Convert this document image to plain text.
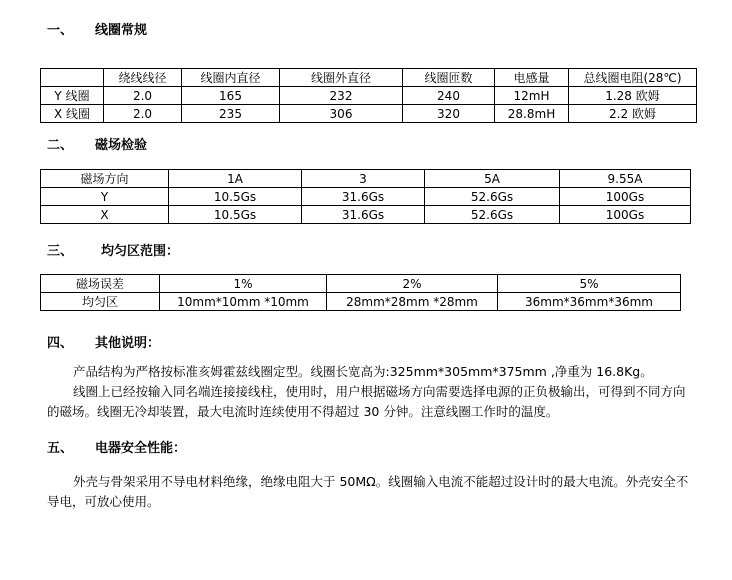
一、 线圈常规
	绕线线径	线圈内直径	线圈外直径	线圈匝数	电感量	总线圈电阻(28℃)
Y 线圈	2.0	165	232	240	12mH	1.28 欧姆
X 线圈	2.0	235	306	320	28.8mH	2.2 欧姆
二、 磁场检验
磁场方向	1A	3	5A	9.55A
Y	10.5Gs	31.6Gs	52.6Gs	100Gs
X	10.5Gs	31.6Gs	52.6Gs	100Gs
三、 均匀区范围：
磁场误差	1%	2%	5%
均匀区	10mm*10mm *10mm	28mm*28mm *28mm	36mm*36mm*36mm
四、 其他说明：

产品结构为严格按标准亥姆霍兹线圈定型。线圈长宽高为:325mm*305mm*375mm ,净重为 16.8Kg。

线圈上已经按输入同名端连接接线柱，使用时，用户根据磁场方向需要选择电源的正负极输出，可得到不同方向的磁场。线圈无冷却装置，最大电流时连续使用不得超过 30 分钟。注意线圈工作时的温度。

五、 电器安全性能：

外壳与骨架采用不导电材料绝缘，绝缘电阻大于 50MΩ。线圈输入电流不能超过设计时的最大电流。外壳安全不导电，可放心使用。
